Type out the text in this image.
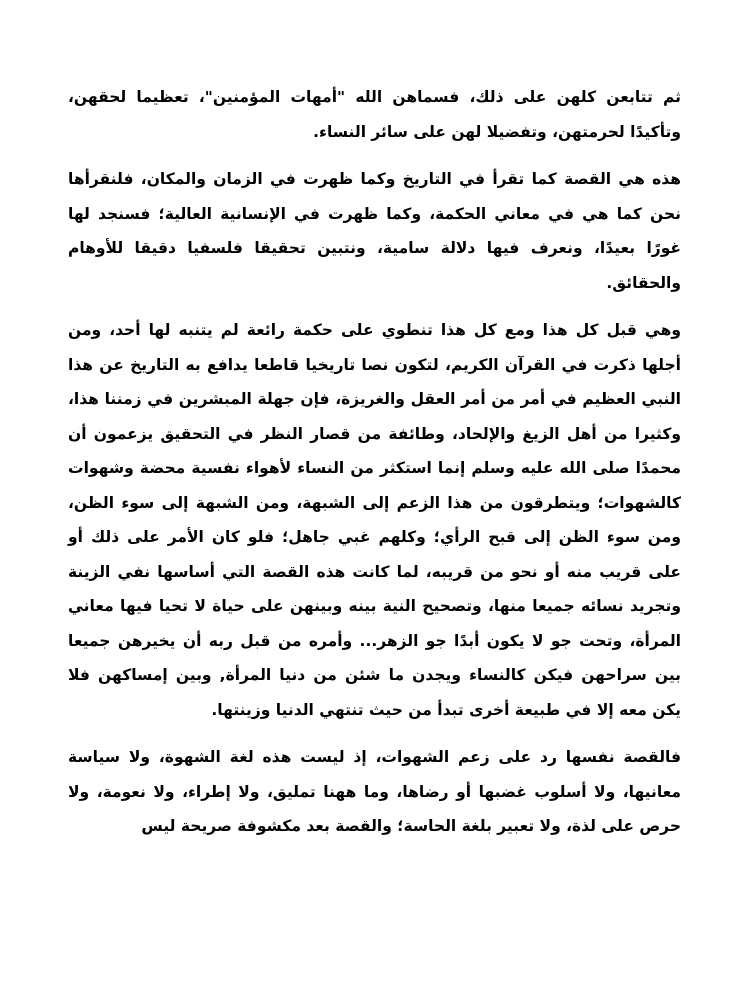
ثم تتابعن كلهن على ذلك، فسماهن الله "أمهات المؤمنين"، تعظيما لحقهن، وتأكيدًا لحرمتهن، وتفضيلا لهن على سائر النساء.

هذه هي القصة كما تقرأ في التاريخ وكما ظهرت في الزمان والمكان، فلنقرأها نحن كما هي في معاني الحكمة، وكما ظهرت في الإنسانية العالية؛ فسنجد لها غورًا بعيدًا، ونعرف فيها دلالة سامية، ونتبين تحقيقا فلسفيا دقيقا للأوهام والحقائق.

وهي قبل كل هذا ومع كل هذا تنطوي على حكمة رائعة لم يتنبه لها أحد، ومن أجلها ذكرت في القرآن الكريم، لتكون نصا تاريخيا قاطعا يدافع به التاريخ عن هذا النبي العظيم في أمر من أمر العقل والغريزة، فإن جهلة المبشرين في زمننا هذا، وكثيرا من أهل الزيغ والإلحاد، وطائفة من قصار النظر في التحقيق يزعمون أن محمدًا صلى الله عليه وسلم إنما استكثر من النساء لأهواء نفسية محضة وشهوات كالشهوات؛ ويتطرقون من هذا الزعم إلى الشبهة، ومن الشبهة إلى سوء الظن، ومن سوء الظن إلى قبح الرأي؛ وكلهم غبي جاهل؛ فلو كان الأمر على ذلك أو على قريب منه أو نحو من قريبه، لما كانت هذه القصة التي أساسها نفي الزينة وتجريد نسائه جميعا منها، وتصحيح النية بينه وبينهن على حياة لا تحيا فيها معاني المرأة، وتحت جو لا يكون أبدًا جو الزهر... وأمره من قبل ربه أن يخيرهن جميعا بين سراحهن فيكن كالنساء ويجدن ما شئن من دنيا المرأة, وبين إمساكهن فلا يكن معه إلا في طبيعة أخرى تبدأ من حيث تنتهي الدنيا وزينتها.

فالقصة نفسها رد على زعم الشهوات، إذ ليست هذه لغة الشهوة، ولا سياسة معانيها، ولا أسلوب غضبها أو رضاها، وما ههنا تمليق، ولا إطراء، ولا نعومة، ولا حرص على لذة، ولا تعبير بلغة الحاسة؛ والقصة بعد مكشوفة صريحة ليس
